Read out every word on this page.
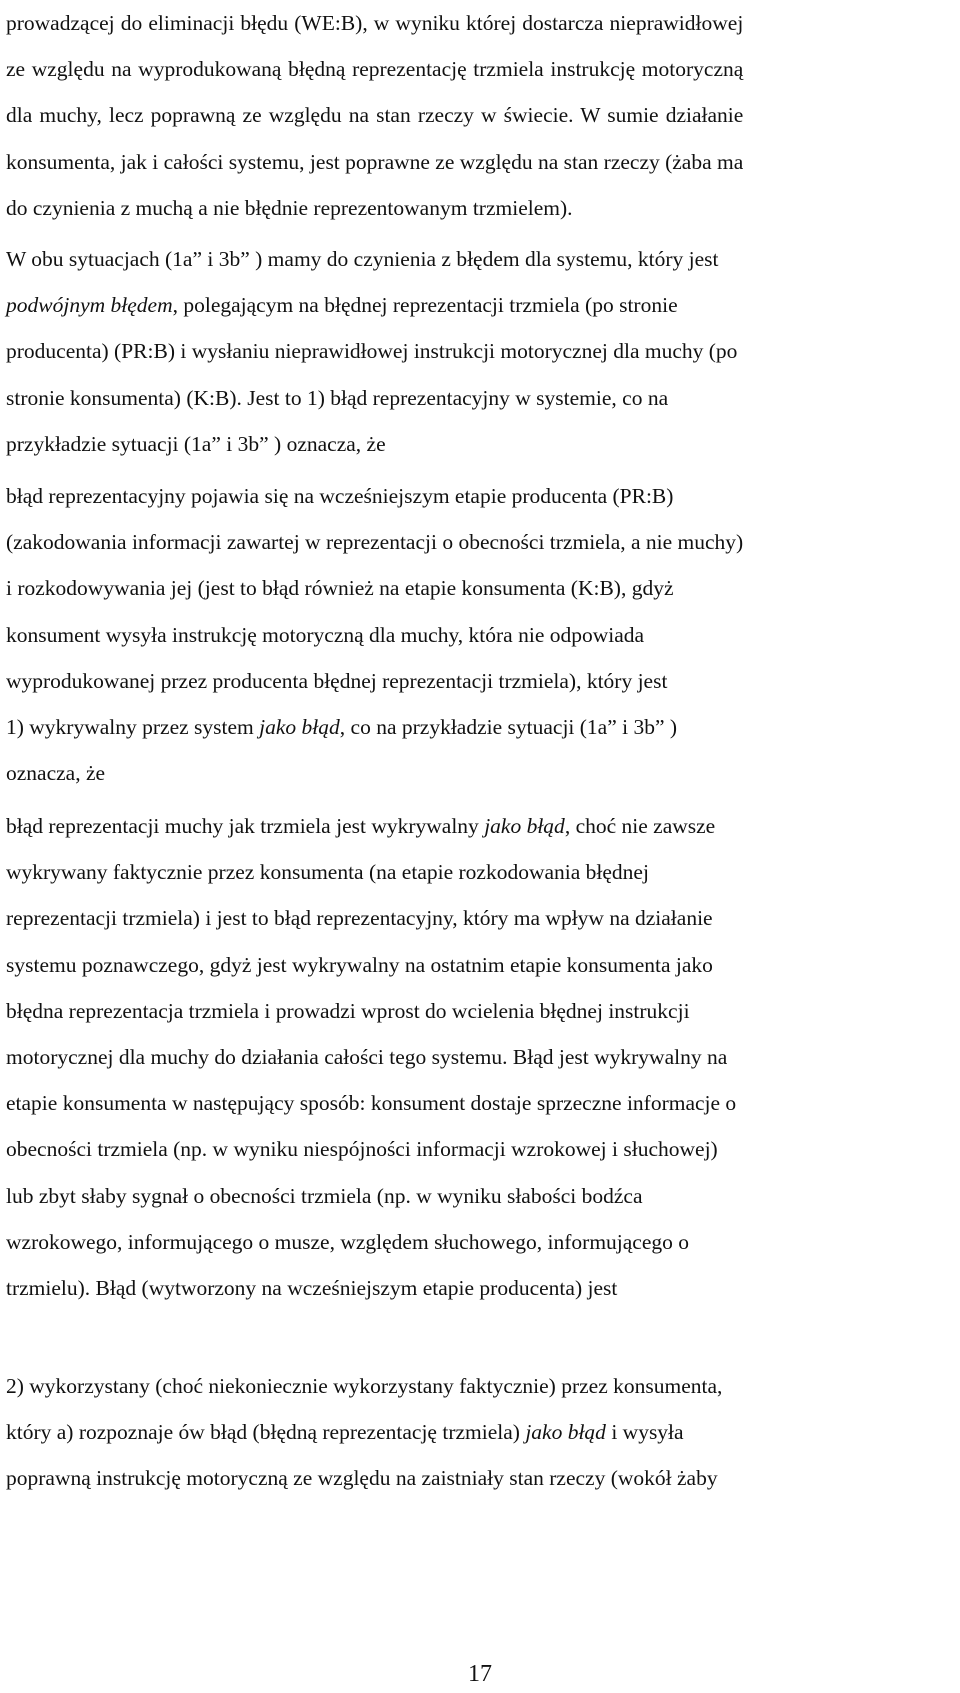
prowadzącej do eliminacji błędu (WE:B), w wyniku której dostarcza nieprawidłowej
ze względu na wyprodukowaną błędną reprezentację trzmiela instrukcję motoryczną
dla muchy, lecz poprawną ze względu na stan rzeczy w świecie. W sumie działanie
konsumenta, jak i całości systemu, jest poprawne ze względu na stan rzeczy (żaba ma
do czynienia z muchą a nie błędnie reprezentowanym trzmielem).

W obu sytuacjach (1a” i 3b” ) mamy do czynienia z błędem dla systemu, który jest
podwójnym błędem, polegającym na błędnej reprezentacji trzmiela (po stronie
producenta) (PR:B) i wysłaniu nieprawidłowej instrukcji motorycznej dla muchy (po
stronie konsumenta) (K:B). Jest to 1) błąd reprezentacyjny w systemie, co na
przykładzie sytuacji (1a” i 3b” ) oznacza, że

błąd reprezentacyjny pojawia się na wcześniejszym etapie producenta (PR:B)
(zakodowania informacji zawartej w reprezentacji o obecności trzmiela, a nie muchy)
i rozkodowywania jej (jest to błąd również na etapie konsumenta (K:B), gdyż
konsument wysyła instrukcję motoryczną dla muchy, która nie odpowiada
wyprodukowanej przez producenta błędnej reprezentacji trzmiela), który jest
1) wykrywalny przez system jako błąd, co na przykładzie sytuacji (1a” i 3b” )
oznacza, że

błąd reprezentacji muchy jak trzmiela jest wykrywalny jako błąd, choć nie zawsze
wykrywany faktycznie przez konsumenta (na etapie rozkodowania błędnej
reprezentacji trzmiela) i jest to błąd reprezentacyjny, który ma wpływ na działanie
systemu poznawczego, gdyż jest wykrywalny na ostatnim etapie konsumenta jako
błędna reprezentacja trzmiela i prowadzi wprost do wcielenia błędnej instrukcji
motorycznej dla muchy do działania całości tego systemu. Błąd jest wykrywalny na
etapie konsumenta w następujący sposób: konsument dostaje sprzeczne informacje o
obecności trzmiela (np. w wyniku niespójności informacji wzrokowej i słuchowej)
lub zbyt słaby sygnał o obecności trzmiela (np. w wyniku słabości bodźca
wzrokowego, informującego o musze, względem słuchowego, informującego o
trzmielu). Błąd (wytworzony na wcześniejszym etapie producenta) jest

2) wykorzystany (choć niekoniecznie wykorzystany faktycznie) przez konsumenta,
który a) rozpoznaje ów błąd (błędną reprezentację trzmiela) jako błąd i wysyła
poprawną instrukcję motoryczną ze względu na zaistniały stan rzeczy (wokół żaby

17
